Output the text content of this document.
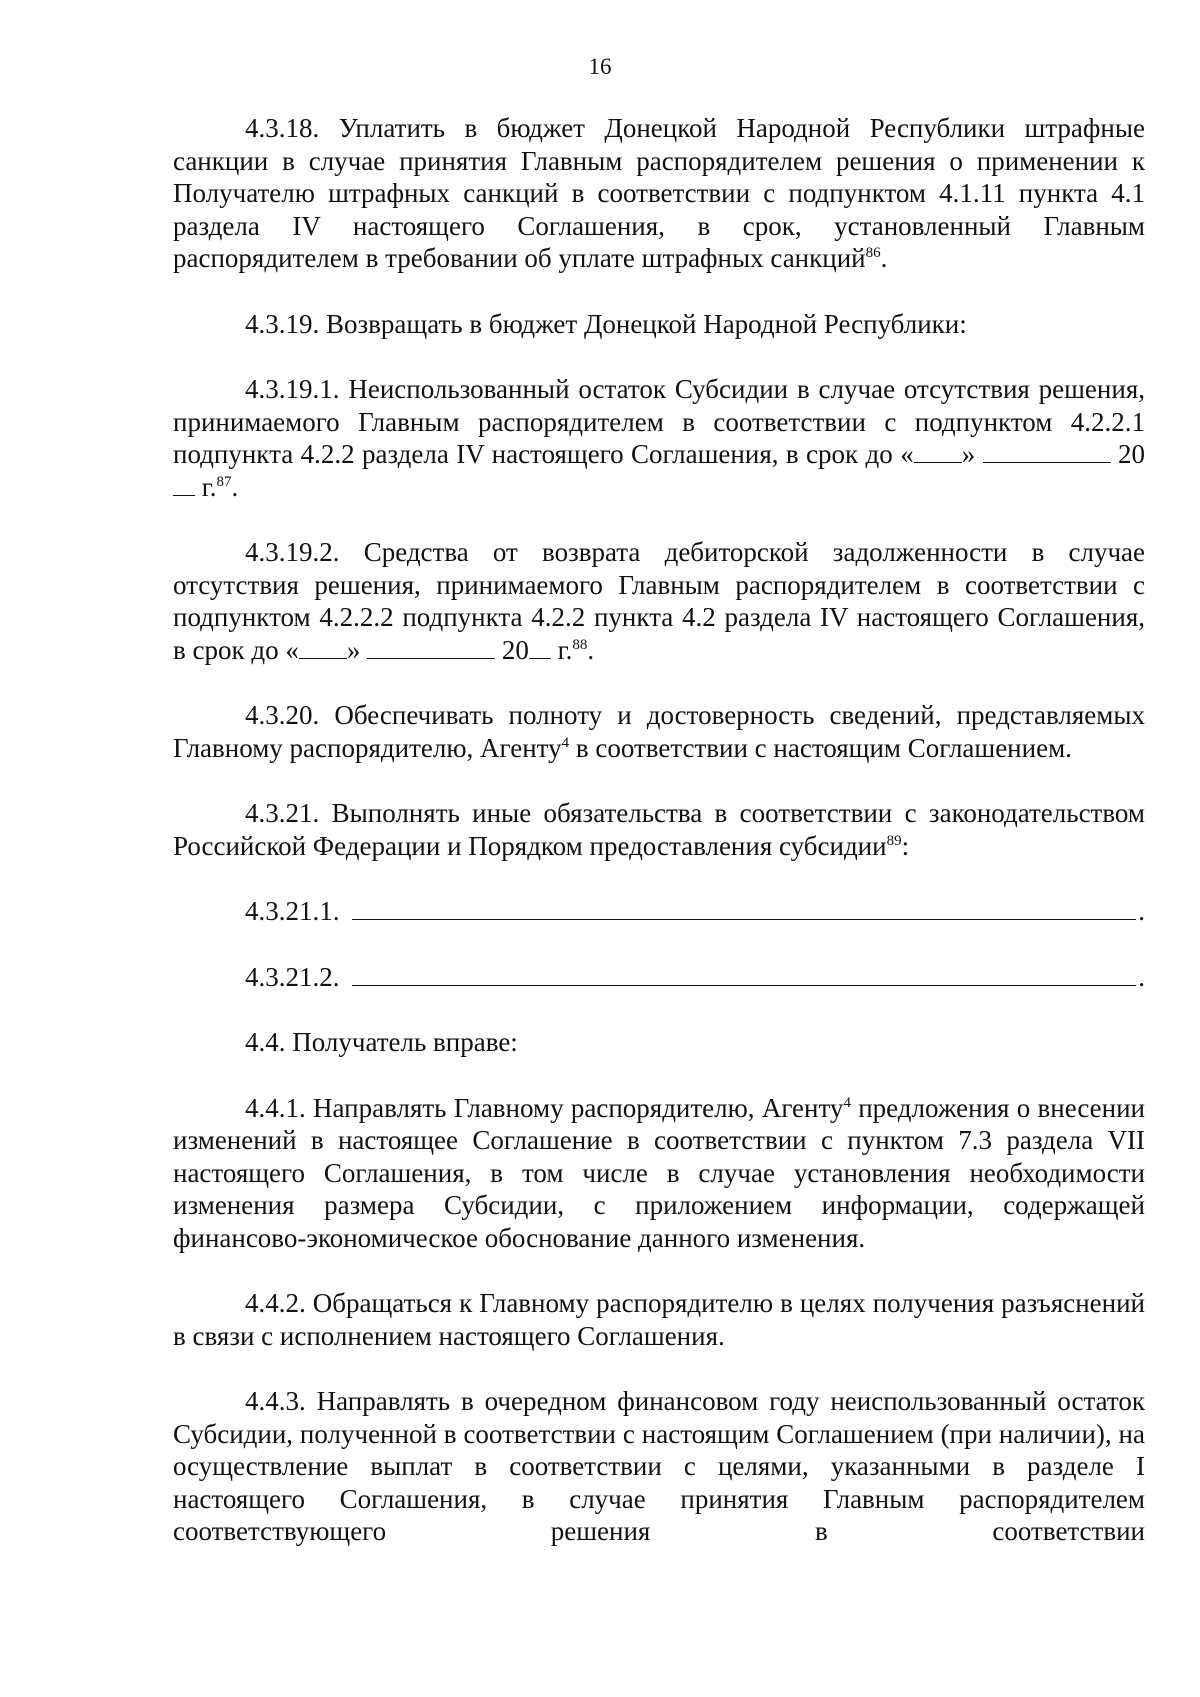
16

4.3.18. Уплатить в бюджет Донецкой Народной Республики штрафные санкции в случае принятия Главным распорядителем решения о применении к Получателю штрафных санкций в соответствии с подпунктом 4.1.11 пункта 4.1 раздела IV настоящего Соглашения, в срок, установленный Главным распорядителем в требовании об уплате штрафных санкций$^{86}$.

4.3.19. Возвращать в бюджет Донецкой Народной Республики:

4.3.19.1. Неиспользованный остаток Субсидии в случае отсутствия решения, принимаемого Главным распорядителем в соответствии с подпунктом 4.2.2.1 подпункта 4.2.2 раздела IV настоящего Соглашения, в срок до « »	20 г.$^{87}$.

4.3.19.2. Средства от возврата дебиторской задолженности в случае отсутствия решения, принимаемого Главным распорядителем в соответствии с подпунктом 4.2.2.2 подпункта 4.2.2 пункта 4.2 раздела IV настоящего Соглашения, в срок до « »	20 г.$^{88}$.

4.3.20. Обеспечивать полноту и достоверность сведений, представляемых Главному распорядителю, Агенту$^4$ в соответствии с настоящим Соглашением.

4.3.21. Выполнять иные обязательства в соответствии с законодательством Российской Федерации и Порядком предоставления субсидии$^{89}$:

4.3.21.1.	.
4.3.21.2.	.

4.4. Получатель вправе:

4.4.1. Направлять Главному распорядителю, Агенту$^4$ предложения о внесении изменений в настоящее Соглашение в соответствии с пунктом 7.3 раздела VII настоящего Соглашения, в том числе в случае установления необходимости изменения размера Субсидии, с приложением информации, содержащей финансово-экономическое обоснование данного изменения.

4.4.2. Обращаться к Главному распорядителю в целях получения разъяснений в связи с исполнением настоящего Соглашения.

4.4.3. Направлять в очередном финансовом году неиспользованный остаток Субсидии, полученной в соответствии с настоящим Соглашением (при наличии), на осуществление выплат в соответствии с целями, указанными в разделе I настоящего Соглашения, в случае принятия Главным распорядителем соответствующего решения в соответствии
